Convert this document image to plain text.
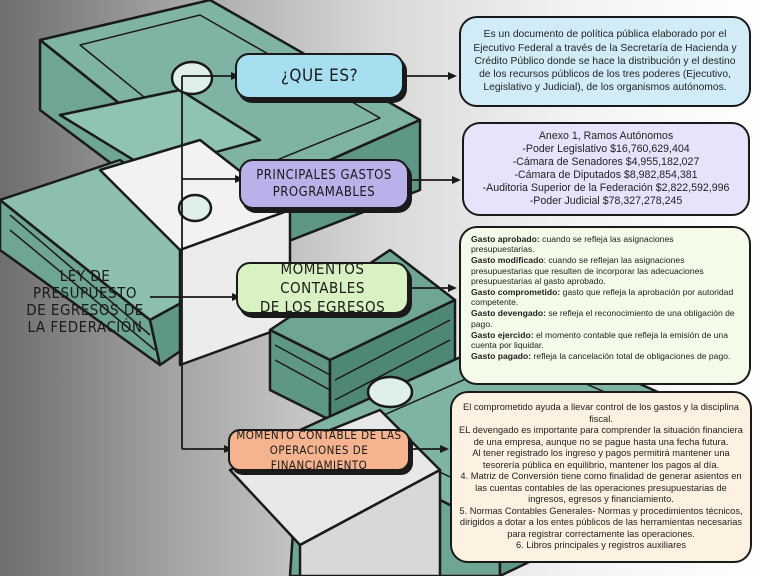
LEY DE
PRESUPUESTO
DE EGRESOS DE
LA FEDERACIÓN
¿QUE ES?
PRINCIPALES GASTOS
PROGRAMABLES
MOMENTOS CONTABLES
DE LOS EGRESOS
MOMENTO CONTABLE DE LAS
OPERACIONES DE FINANCIAMIENTO
Es un documento de política pública elaborado por el Ejecutivo Federal a través de la Secretaría de Hacienda y Crédito Público donde se hace la distribución y el destino de los recursos públicos de los tres poderes (Ejecutivo, Legislativo y Judicial), de los organismos autónomos.
Anexo 1, Ramos Autónomos
-Poder Legislativo $16,760,629,404
-Cámara de Senadores $4,955,182,027
-Cámara de Diputados $8,982,854,381
-Auditoria Superior de la Federación $2,822,592,996
-Poder Judicial $78,327,278,245

Gasto aprobado: cuando se refleja las asignaciones presupuestarias.

Gasto modificado: cuando se reflejan las asignaciones presupuestarias que resulten de incorporar las adecuaciones presupuestarias al gasto aprobado.

Gasto comprometido: gasto que refleja la aprobación por autoridad competente.

Gasto devengado: se refleja el reconocimiento de una obligación de pago.

Gasto ejercido: el momento contable que refleja la emisión de una cuenta por liquidar.

Gasto pagado: refleja la cancelación total de obligaciones de pago.

El comprometido ayuda a llevar control de los gastos y la disciplina fiscal.
EL devengado es importante para comprender la situación financiera de una empresa, aunque no se pague hasta una fecha futura.
Al tener registrado los ingreso y pagos permitirá mantener una tesorería pública en equilibrio, mantener los pagos al día.
4. Matriz de Conversión tiene como finalidad de generar asientos en las cuentas contables de las operaciones presupuestarias de ingresos, egresos y financiamiento.
5. Normas Contables Generales- Normas y procedimientos técnicos, dirigidos a dotar a los entes públicos de las herramientas necesarias para registrar correctamente las operaciones.
6. Libros principales y registros auxiliares
